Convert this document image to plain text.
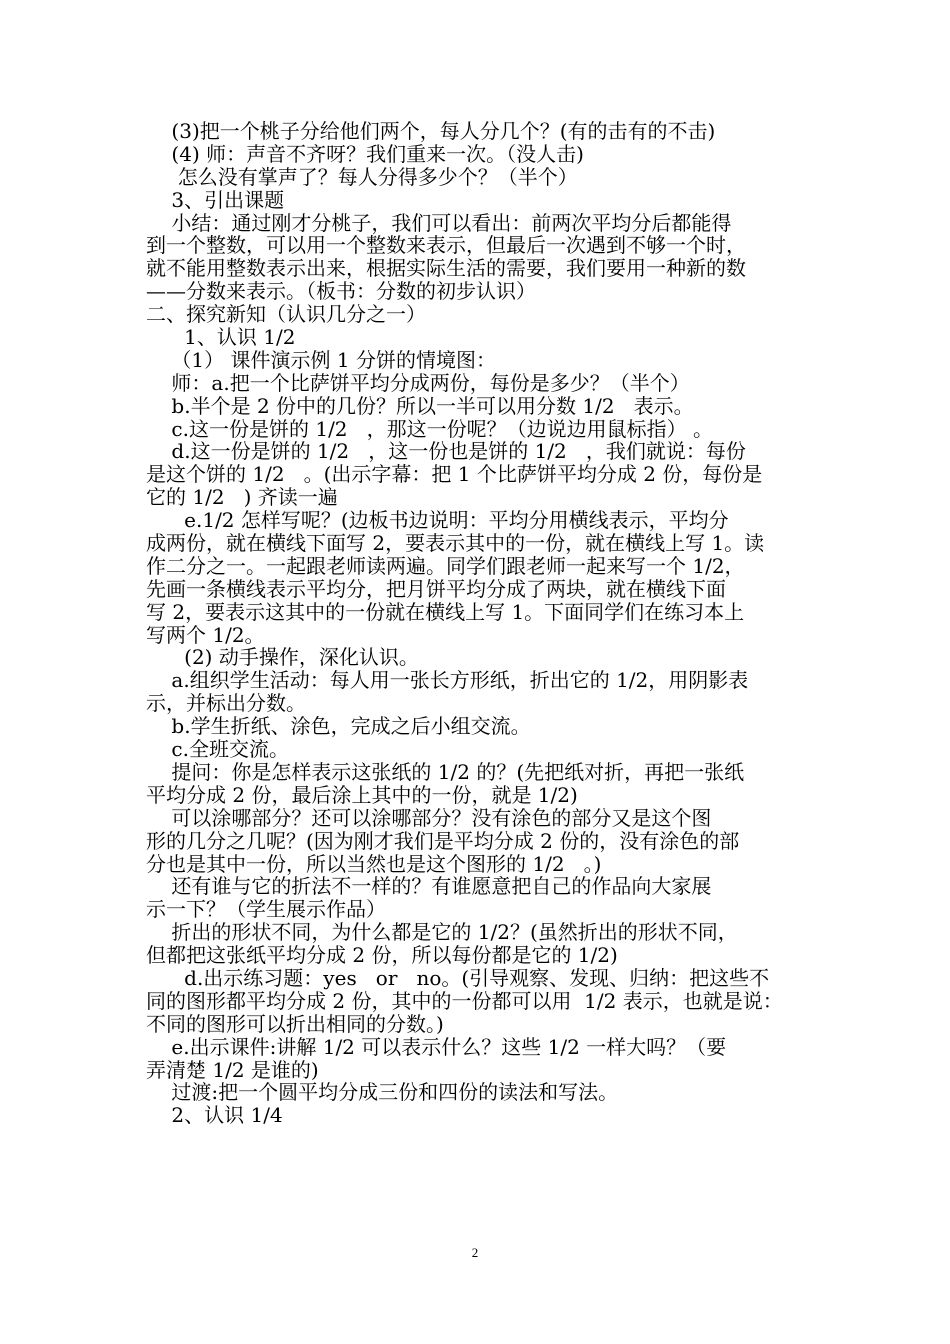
(3)把一个桃子分给他们两个，每人分几个？(有的击有的不击)
(4) 师：声音不齐呀？我们重来一次。（没人击)
怎么没有掌声了？每人分得多少个？（半个）
3、引出课题
小结：通过刚才分桃子，我们可以看出：前两次平均分后都能得
到一个整数，可以用一个整数来表示，但最后一次遇到不够一个时，
就不能用整数表示出来，根据实际生活的需要，我们要用一种新的数
——分数来表示。（板书：分数的初步认识）
二、探究新知（认识几分之一）
1、认识 1/2
（1） 课件演示例 1 分饼的情境图：
师：a.把一个比萨饼平均分成两份，每份是多少？（半个）
b.半个是 2 份中的几份？所以一半可以用分数 1/2   表示。
c.这一份是饼的 1/2   ，那这一份呢？（边说边用鼠标指） 。
d.这一份是饼的 1/2   ，这一份也是饼的 1/2   ，我们就说：每份
是这个饼的 1/2   。(出示字幕：把 1 个比萨饼平均分成 2 份，每份是
它的 1/2   ) 齐读一遍
e.1/2 怎样写呢？(边板书边说明：平均分用横线表示，平均分
成两份，就在横线下面写 2，要表示其中的一份，就在横线上写 1。读
作二分之一。一起跟老师读两遍。同学们跟老师一起来写一个 1/2，
先画一条横线表示平均分，把月饼平均分成了两块，就在横线下面
写 2，要表示这其中的一份就在横线上写 1。下面同学们在练习本上
写两个 1/2。
(2) 动手操作，深化认识。
a.组织学生活动：每人用一张长方形纸，折出它的 1/2，用阴影表
示，并标出分数。
b.学生折纸、涂色，完成之后小组交流。
c.全班交流。
提问：你是怎样表示这张纸的 1/2 的？(先把纸对折，再把一张纸
平均分成 2 份，最后涂上其中的一份，就是 1/2)
可以涂哪部分？还可以涂哪部分？没有涂色的部分又是这个图
形的几分之几呢？(因为刚才我们是平均分成 2 份的，没有涂色的部
分也是其中一份，所以当然也是这个图形的 1/2   。)
还有谁与它的折法不一样的？有谁愿意把自己的作品向大家展
示一下？（学生展示作品）
折出的形状不同，为什么都是它的 1/2？(虽然折出的形状不同，
但都把这张纸平均分成 2 份，所以每份都是它的 1/2)
d.出示练习题：yes   or   no。(引导观察、发现、归纳：把这些不
同的图形都平均分成 2 份，其中的一份都可以用  1/2 表示，也就是说：
不同的图形可以折出相同的分数。)
e.出示课件:讲解 1/2 可以表示什么？这些 1/2 一样大吗？（要
弄清楚 1/2 是谁的)
过渡:把一个圆平均分成三份和四份的读法和写法。
2、认识 1/4
2
